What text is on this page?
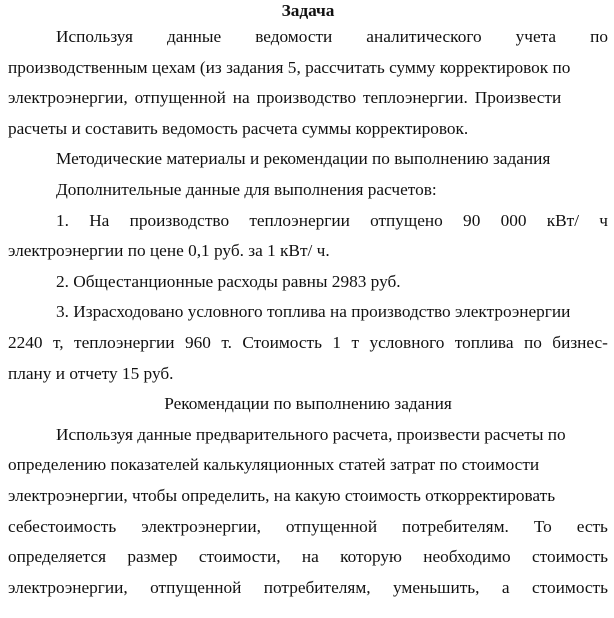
Задача

Используя данные ведомости аналитического учета по

производственным цехам (из задания 5, рассчитать сумму корректировок по

электроэнергии, отпущенной на производство теплоэнергии. Произвести

расчеты и составить ведомость расчета суммы корректировок.

Методические материалы и рекомендации по выполнению задания

Дополнительные данные для выполнения расчетов:

1. На производство теплоэнергии отпущено 90 000 кВт/ ч

электроэнергии по цене 0,1 руб. за 1 кВт/ ч.

2. Общестанционные расходы равны 2983 руб.

3. Израсходовано условного топлива на производство электроэнергии

2240 т, теплоэнергии 960 т. Стоимость 1 т условного топлива по бизнес-

плану и отчету 15 руб.

Рекомендации по выполнению задания

Используя данные предварительного расчета, произвести расчеты по

определению показателей калькуляционных статей затрат по стоимости

электроэнергии, чтобы определить, на какую стоимость откорректировать

себестоимость электроэнергии, отпущенной потребителям. То есть
определяется размер стоимости, на которую необходимо стоимость
электроэнергии, отпущенной потребителям, уменьшить, а стоимость
